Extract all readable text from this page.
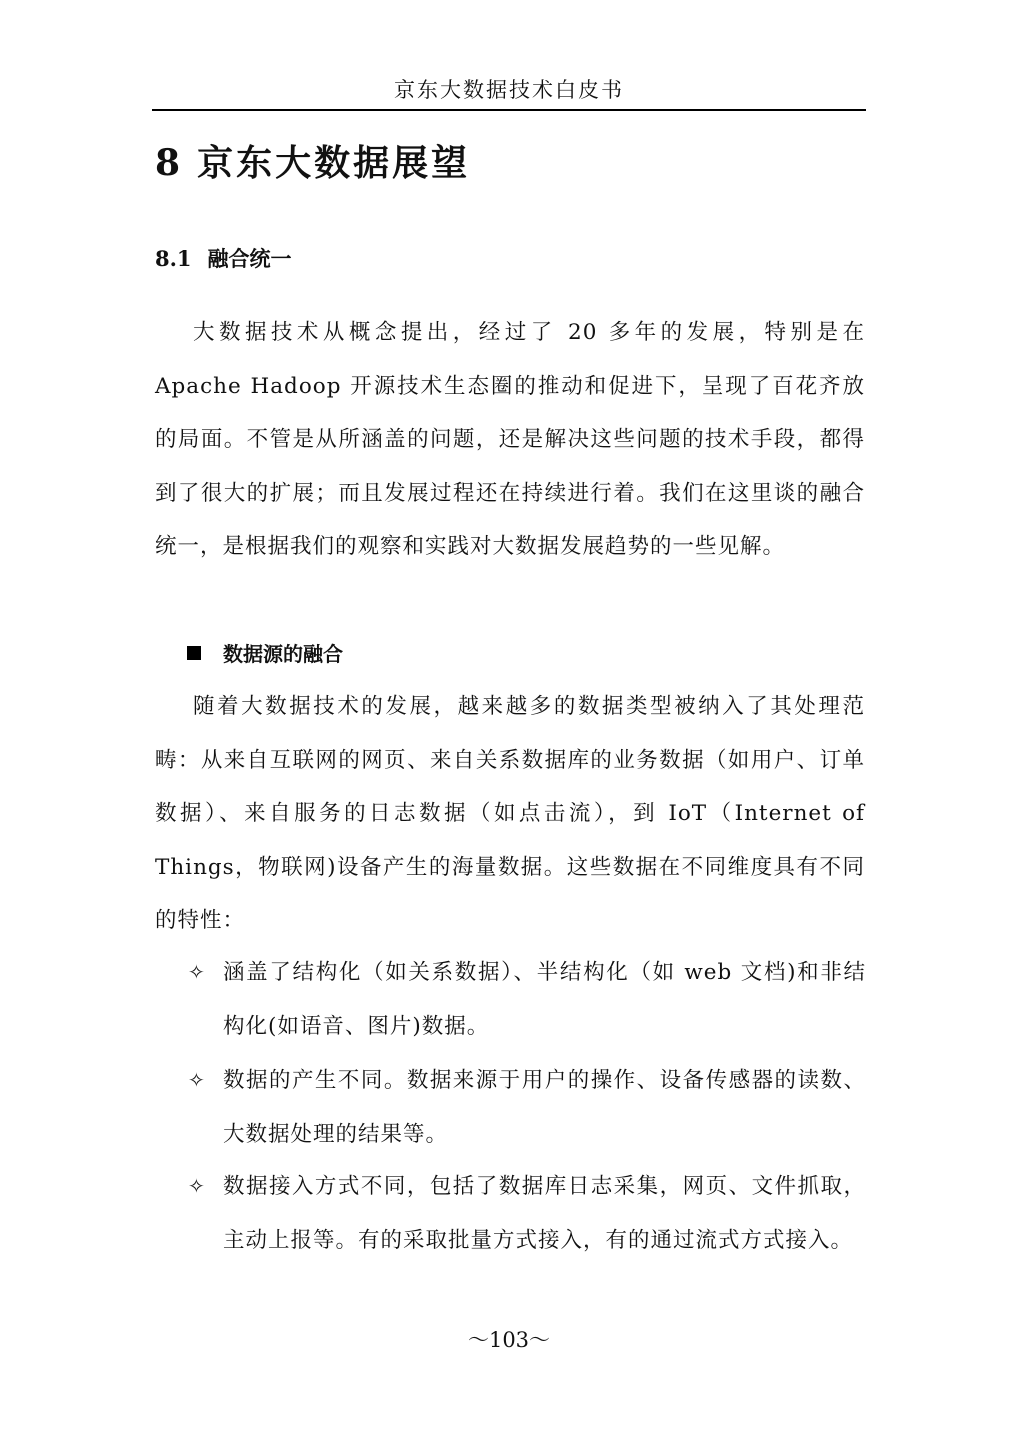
京东大数据技术白皮书
8 京东大数据展望
8.1 融合统一

大数据技术从概念提出，经过了 20 多年的发展，特别是在 Apache Hadoop 开源技术生态圈的推动和促进下，呈现了百花齐放的局面。不管是从所涵盖的问题，还是解决这些问题的技术手段，都得到了很大的扩展；而且发展过程还在持续进行着。我们在这里谈的融合统一，是根据我们的观察和实践对大数据发展趋势的一些见解。

数据源的融合

随着大数据技术的发展，越来越多的数据类型被纳入了其处理范畴：从来自互联网的网页、来自关系数据库的业务数据（如用户、订单数据）、来自服务的日志数据（如点击流），到 IoT（Internet of Things，物联网)设备产生的海量数据。这些数据在不同维度具有不同的特性：

✧ 涵盖了结构化（如关系数据）、半结构化（如 web 文档)和非结构化(如语音、图片)数据。
✧ 数据的产生不同。数据来源于用户的操作、设备传感器的读数、大数据处理的结果等。
✧ 数据接入方式不同，包括了数据库日志采集，网页、文件抓取，主动上报等。有的采取批量方式接入，有的通过流式方式接入。
～103～
